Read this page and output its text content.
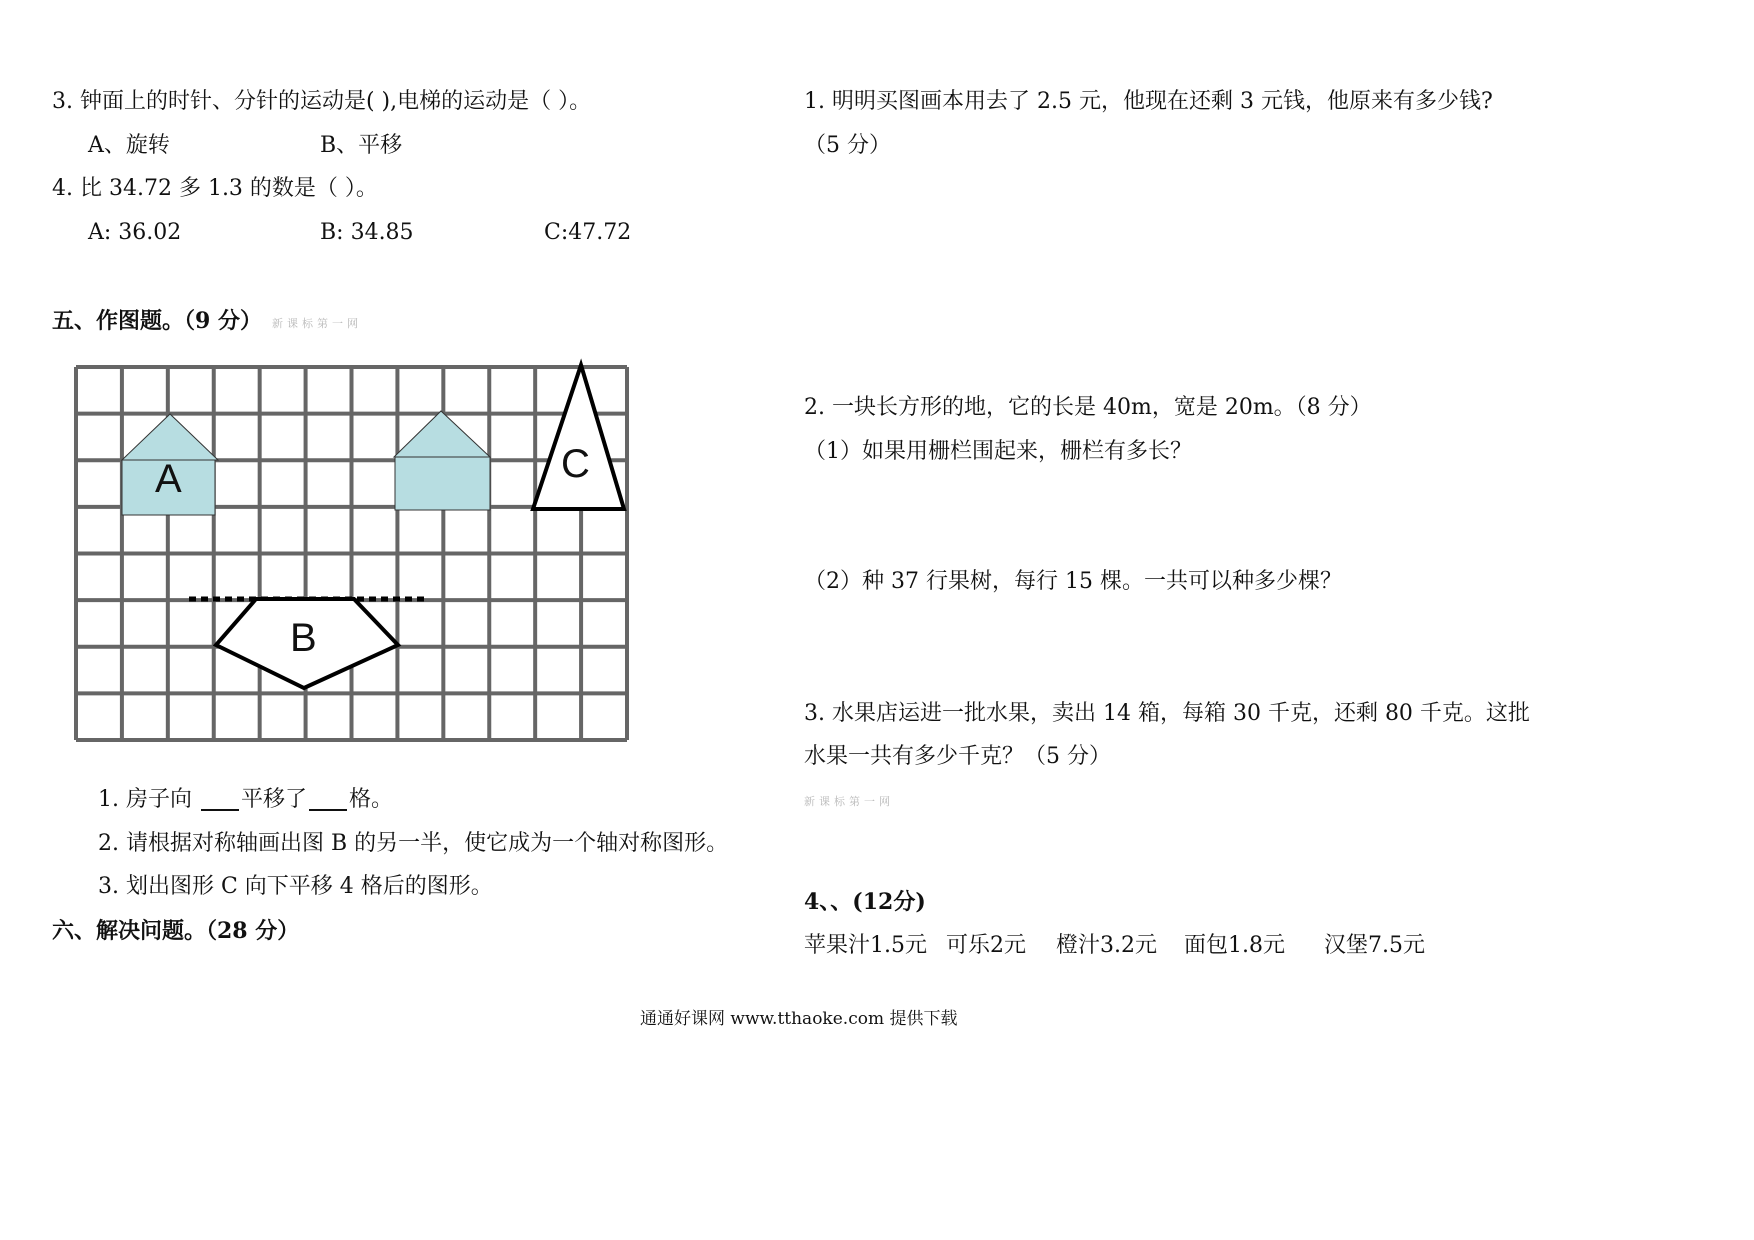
3. 钟面上的时针、分针的运动是( ),电梯的运动是（ ）。
A、旋转	B、平移
4. 比 34.72 多 1.3 的数是（ ）。
A: 36.02	B: 34.85	C:47.72
五、作图题。（9 分） 新课标第一网
A	C
B
1. 房子向 平移了 格。
2. 请根据对称轴画出图 B 的另一半，使它成为一个轴对称图形。
3. 划出图形 C 向下平移 4 格后的图形。
六、解决问题。（28 分）
1. 明明买图画本用去了 2.5 元，他现在还剩 3 元钱，他原来有多少钱?
（5 分）
2. 一块长方形的地，它的长是 40m，宽是 20m。（8 分）
（1）如果用栅栏围起来，栅栏有多长？
（2）种 37 行果树，每行 15 棵。一共可以种多少棵？
3. 水果店运进一批水果，卖出 14 箱，每箱 30 千克，还剩 80 千克。这批
水果一共有多少千克？（5 分）
新课标第一网
4、、(12分)
苹果汁1.5元 可乐2元 橙汁3.2元 面包1.8元 汉堡7.5元
通通好课网 www.tthaoke.com 提供下载
